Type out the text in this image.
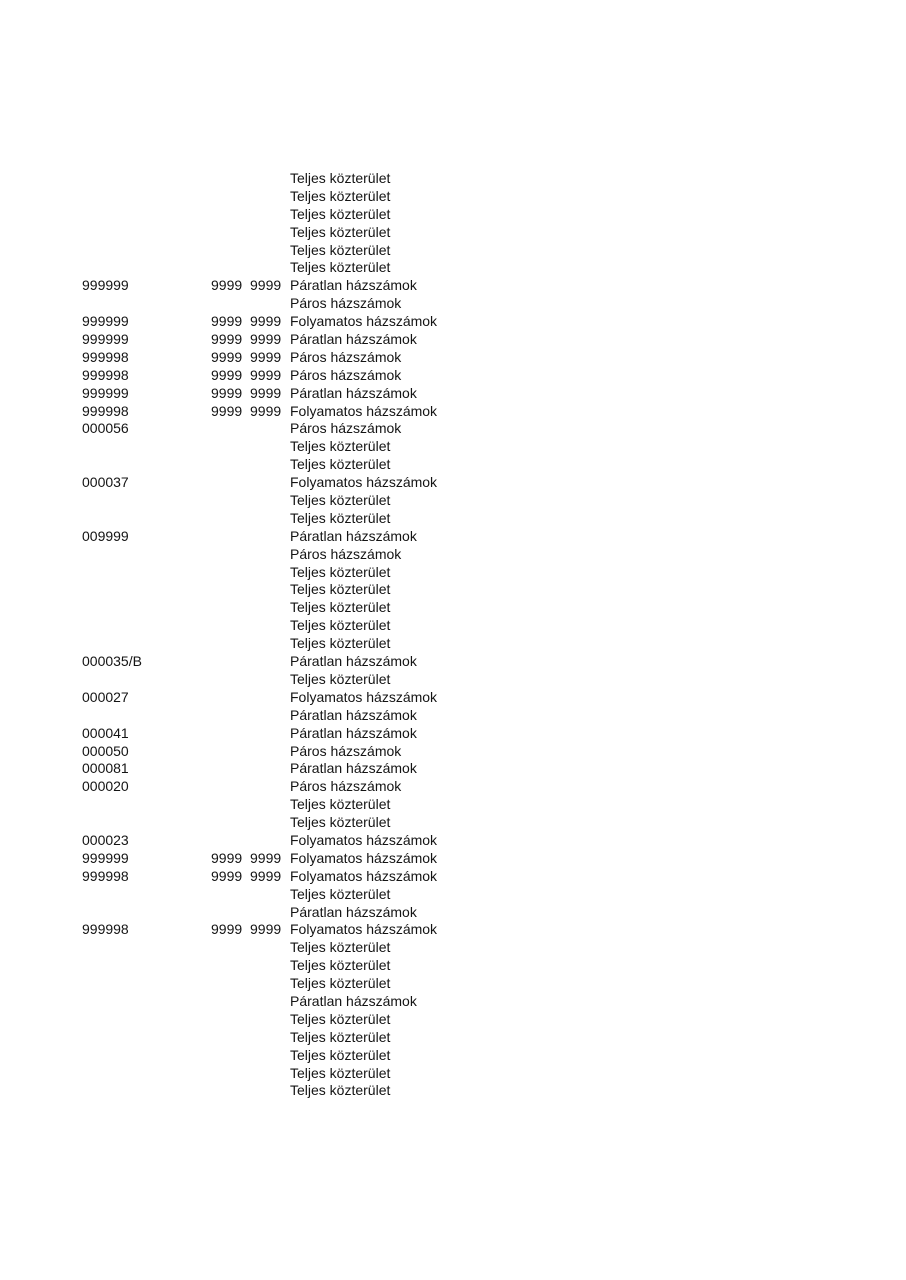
Teljes közterület
Teljes közterület
Teljes közterület
Teljes közterület
Teljes közterület
Teljes közterület
999999	9999 9999 Páratlan házszámok
Páros házszámok
999999	9999 9999 Folyamatos házszámok
999999	9999 9999 Páratlan házszámok
999998	9999 9999 Páros házszámok
999998	9999 9999 Páros házszámok
999999	9999 9999 Páratlan házszámok
999998	9999 9999 Folyamatos házszámok
000056	Páros házszámok
Teljes közterület
Teljes közterület
000037	Folyamatos házszámok
Teljes közterület
Teljes közterület
009999	Páratlan házszámok
Páros házszámok
Teljes közterület
Teljes közterület
Teljes közterület
Teljes közterület
Teljes közterület
000035/B	Páratlan házszámok
Teljes közterület
000027	Folyamatos házszámok
Páratlan házszámok
000041	Páratlan házszámok
000050	Páros házszámok
000081	Páratlan házszámok
000020	Páros házszámok
Teljes közterület
Teljes közterület
000023	Folyamatos házszámok
999999	9999 9999 Folyamatos házszámok
999998	9999 9999 Folyamatos házszámok
Teljes közterület
Páratlan házszámok
999998	9999 9999 Folyamatos házszámok
Teljes közterület
Teljes közterület
Teljes közterület
Páratlan házszámok
Teljes közterület
Teljes közterület
Teljes közterület
Teljes közterület
Teljes közterület
